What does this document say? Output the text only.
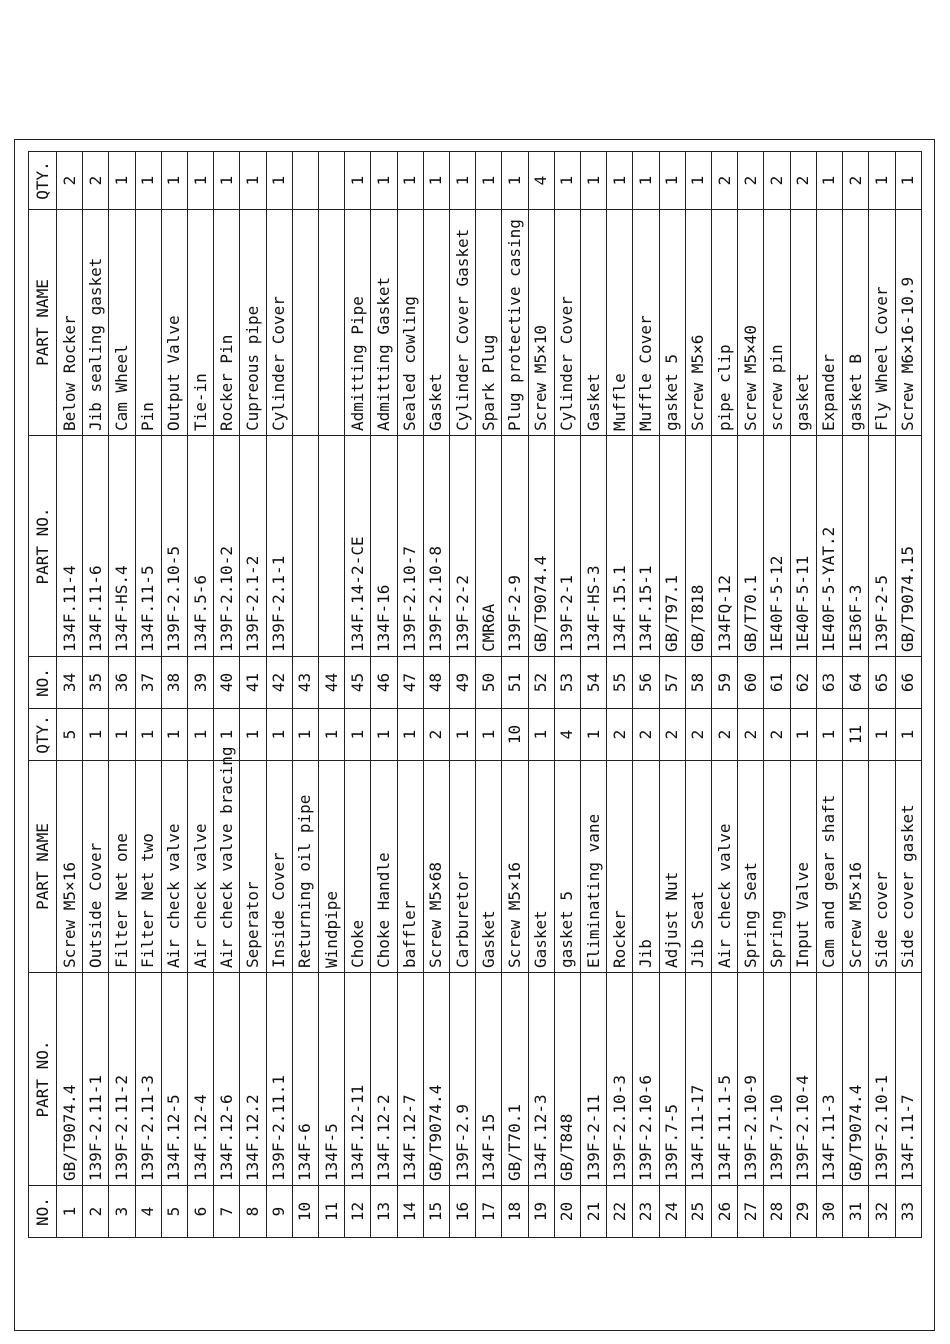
NO.	PART NO.	PART NAME	QTY.	NO.	PART NO.	PART NAME	QTY.
1	GB/T9074.4	Screw M5×16	5	34	134F.11-4	Below Rocker	2
2	139F-2.11-1	Outside Cover	1	35	134F.11-6	Jib sealing gasket	2
3	139F-2.11-2	Filter Net one	1	36	134F-HS.4	Cam Wheel	1
4	139F-2.11-3	Filter Net two	1	37	134F.11-5	Pin	1
5	134F.12-5	Air check valve	1	38	139F-2.10-5	Output Valve	1
6	134F.12-4	Air check valve	1	39	134F.5-6	Tie-in	1
7	134F.12-6	Air check valve bracing	1	40	139F-2.10-2	Rocker Pin	1
8	134F.12.2	Seperator	1	41	139F-2.1-2	Cupreous pipe	1
9	139F-2.11.1	Inside Cover	1	42	139F-2.1-1	Cylinder Cover	1
10	134F-6	Returning oil pipe	1	43			
11	134F-5	Windpipe	1	44			
12	134F.12-11	Choke	1	45	134F.14-2-CE	Admitting Pipe	1
13	134F.12-2	Choke Handle	1	46	134F-16	Admitting Gasket	1
14	134F.12-7	baffler	1	47	139F-2.10-7	Sealed cowling	1
15	GB/T9074.4	Screw M5×68	2	48	139F-2.10-8	Gasket	1
16	139F-2.9	Carburetor	1	49	139F-2-2	Cylinder Cover Gasket	1
17	134F-15	Gasket	1	50	CMR6A	Spark Plug	1
18	GB/T70.1	Screw M5×16	10	51	139F-2-9	Plug protective casing	1
19	134F.12-3	Gasket	1	52	GB/T9074.4	Screw M5×10	4
20	GB/T848	gasket 5	4	53	139F-2-1	Cylinder Cover	1
21	139F-2-11	Eliminating vane	1	54	134F-HS-3	Gasket	1
22	139F-2.10-3	Rocker	2	55	134F.15.1	Muffle	1
23	139F-2.10-6	Jib	2	56	134F.15-1	Muffle Cover	1
24	139F.7-5	Adjust Nut	2	57	GB/T97.1	gasket 5	1
25	134F.11-17	Jib Seat	2	58	GB/T818	Screw M5×6	1
26	134F.11.1-5	Air check valve	2	59	134FQ-12	pipe clip	2
27	139F-2.10-9	Spring Seat	2	60	GB/T70.1	Screw M5×40	2
28	139F.7-10	Spring	2	61	1E40F-5-12	screw pin	2
29	139F-2.10-4	Input Valve	1	62	1E40F-5-11	gasket	2
30	134F.11-3	Cam and gear shaft	1	63	1E40F-5-YAT.2	Expander	1
31	GB/T9074.4	Screw M5×16	11	64	1E36F-3	gasket B	2
32	139F-2.10-1	Side cover	1	65	139F-2-5	Fly Wheel Cover	1
33	134F.11-7	Side cover gasket	1	66	GB/T9074.15	Screw M6×16-10.9	1
